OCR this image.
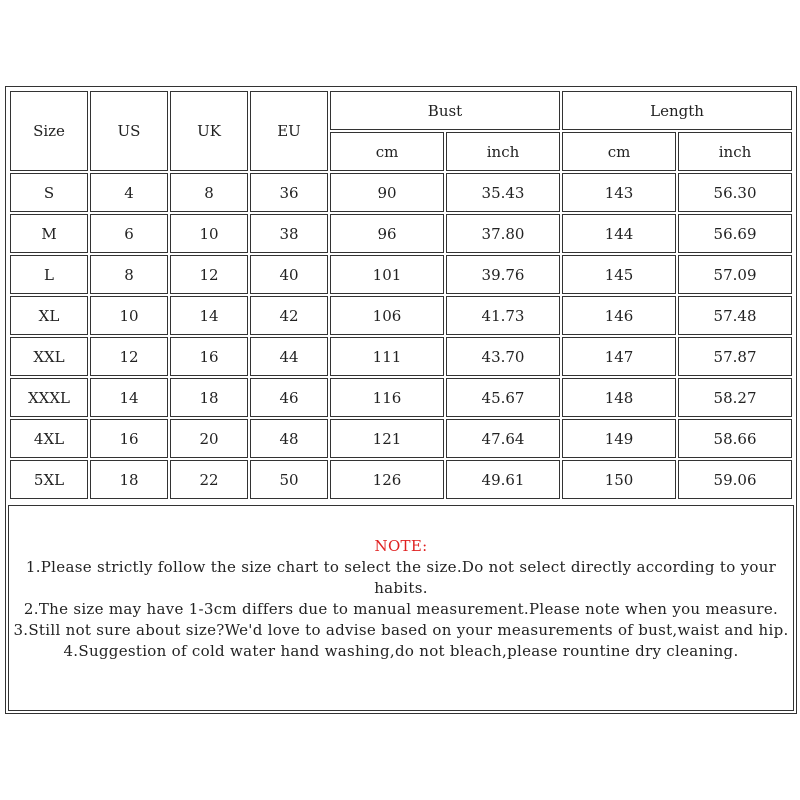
Size	US	UK	EU	Bust		Length	
				cm	inch	cm	inch
S	4	8	36	90	35.43	143	56.30
M	6	10	38	96	37.80	144	56.69
L	8	12	40	101	39.76	145	57.09
XL	10	14	42	106	41.73	146	57.48
XXL	12	16	44	111	43.70	147	57.87
XXXL	14	18	46	116	45.67	148	58.27
4XL	16	20	48	121	47.64	149	58.66
5XL	18	22	50	126	49.61	150	59.06

NOTE:

1.Please strictly follow the size chart to select the size.Do not select directly according to your habits.

2.The size may have 1-3cm differs due to manual measurement.Please note when you measure.

3.Still not sure about size?We'd love to advise based on your measurements of bust,waist and hip.

4.Suggestion of cold water hand washing,do not bleach,please rountine dry cleaning.
